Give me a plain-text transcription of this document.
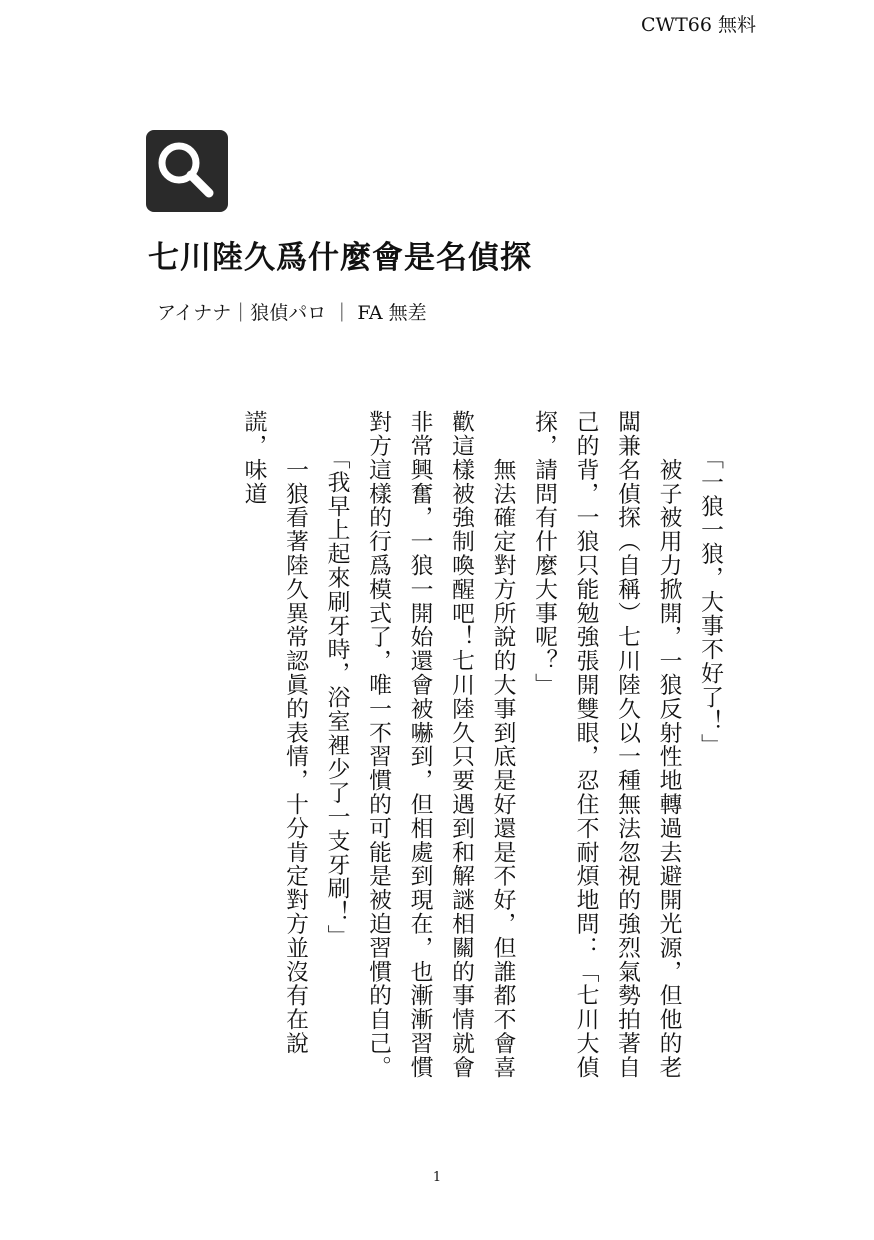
CWT66 無料
七川陸久爲什麼會是名偵探
アイナナ｜狼偵パロ ｜ FA 無差

　　「一狼一狼，大事不好了！」

　　被子被用力掀開，一狼反射性地轉過去避開光源，但他的老闆兼名偵探（自稱）七川陸久以一種無法忽視的強烈氣勢拍著自己的背，一狼只能勉強張開雙眼，忍住不耐煩地問：「七川大偵探，請問有什麼大事呢？」

　　無法確定對方所說的大事到底是好還是不好，但誰都不會喜歡這樣被強制喚醒吧！七川陸久只要遇到和解謎相關的事情就會非常興奮，一狼一開始還會被嚇到，但相處到現在，也漸漸習慣對方這樣的行爲模式了，唯一不習慣的可能是被迫習慣的自己。

　　「我早上起來刷牙時，浴室裡少了一支牙刷！」

　　一狼看著陸久異常認眞的表情，十分肯定對方並沒有在說謊，味道

1
